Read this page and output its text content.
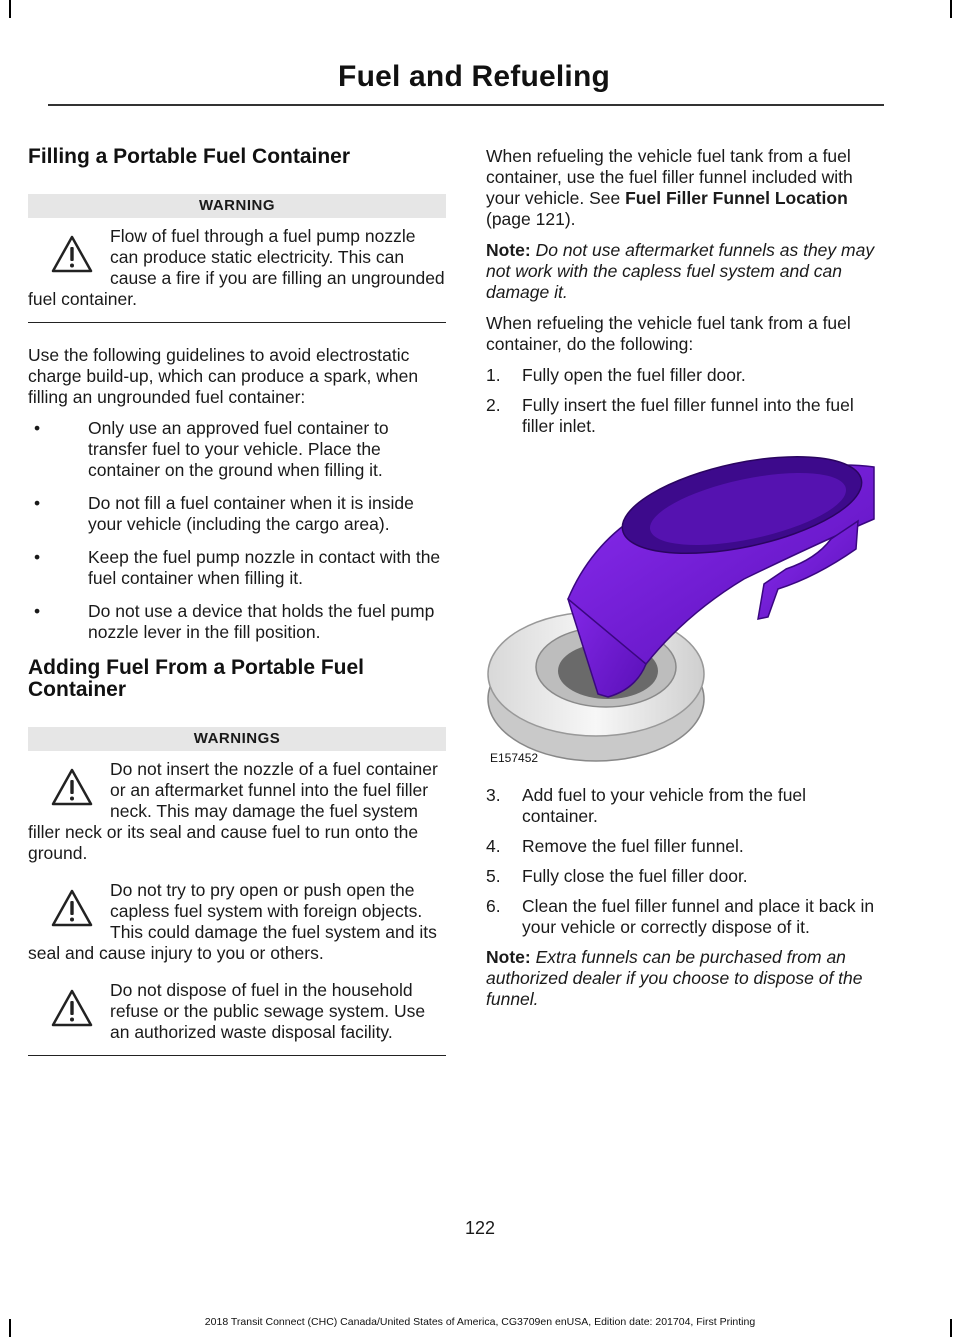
Fuel and Refueling
Filling a Portable Fuel Container
WARNING
Flow of fuel through a fuel pump nozzle can produce static electricity. This can cause a fire if you are filling an ungrounded fuel container.
Use the following guidelines to avoid electrostatic charge build-up, which can produce a spark, when filling an ungrounded fuel container:
•	Only use an approved fuel container to transfer fuel to your vehicle. Place the container on the ground when filling it.
•	Do not fill a fuel container when it is inside your vehicle (including the cargo area).
•	Keep the fuel pump nozzle in contact with the fuel container when filling it.
•	Do not use a device that holds the fuel pump nozzle lever in the fill position.
Adding Fuel From a Portable Fuel Container
WARNINGS
Do not insert the nozzle of a fuel container or an aftermarket funnel into the fuel filler neck. This may damage the fuel system filler neck or its seal and cause fuel to run onto the ground.
Do not try to pry open or push open the capless fuel system with foreign objects. This could damage the fuel system and its seal and cause injury to you or others.
Do not dispose of fuel in the household refuse or the public sewage system. Use an authorized waste disposal facility.
When refueling the vehicle fuel tank from a fuel container, use the fuel filler funnel included with your vehicle. See Fuel Filler Funnel Location (page 121).
Note: Do not use aftermarket funnels as they may not work with the capless fuel system and can damage it.
When refueling the vehicle fuel tank from a fuel container, do the following:
1. Fully open the fuel filler door.
2. Fully insert the fuel filler funnel into the fuel filler inlet.
E157452
3. Add fuel to your vehicle from the fuel container.
4. Remove the fuel filler funnel.
5. Fully close the fuel filler door.
6. Clean the fuel filler funnel and place it back in your vehicle or correctly dispose of it.
Note: Extra funnels can be purchased from an authorized dealer if you choose to dispose of the funnel.
122
2018 Transit Connect (CHC) Canada/United States of America, CG3709en enUSA, Edition date: 201704, First Printing
